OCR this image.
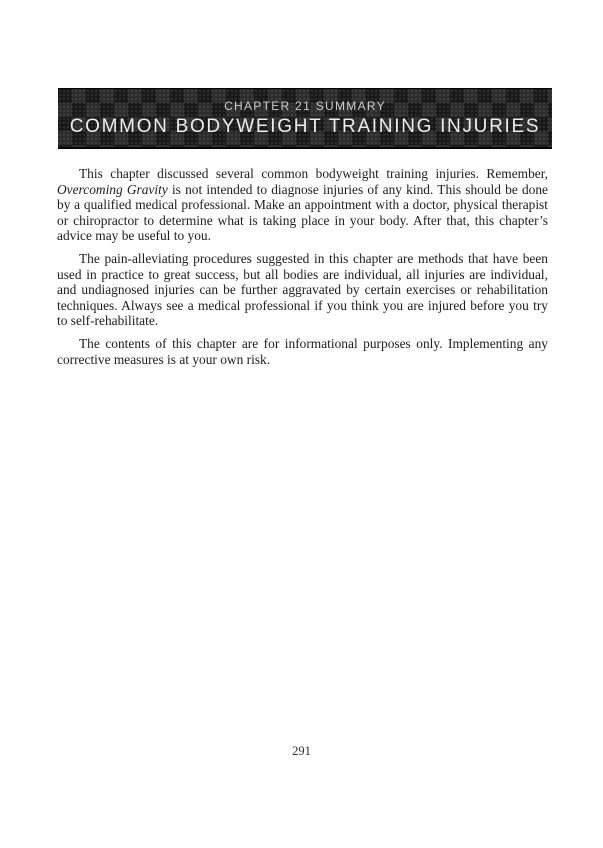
CHAPTER 21 SUMMARY
COMMON BODYWEIGHT TRAINING INJURIES

This chapter discussed several common bodyweight training injuries. Remember, Overcoming Gravity is not intended to diagnose injuries of any kind. This should be done by a qualified medical professional. Make an appointment with a doctor, physical therapist or chiropractor to determine what is taking place in your body. After that, this chapter’s advice may be useful to you.

The pain-alleviating procedures suggested in this chapter are methods that have been used in practice to great success, but all bodies are individual, all injuries are individual, and undiagnosed injuries can be further aggravated by certain exercises or rehabilitation techniques. Always see a medical professional if you think you are injured before you try to self-rehabilitate.

The contents of this chapter are for informational purposes only. Implementing any corrective measures is at your own risk.

291
